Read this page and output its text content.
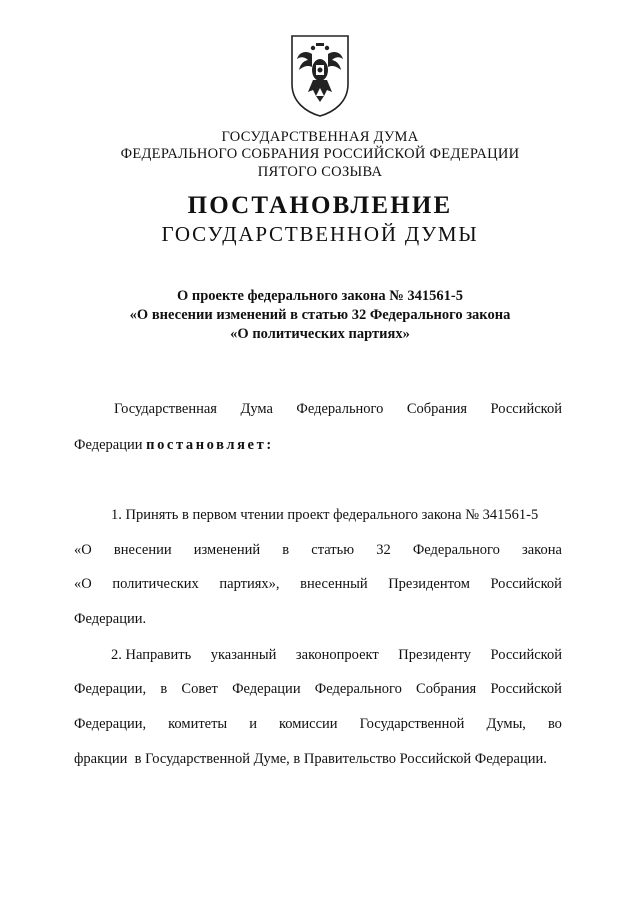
ГОСУДАРСТВЕННАЯ ДУМА
ФЕДЕРАЛЬНОГО СОБРАНИЯ РОССИЙСКОЙ ФЕДЕРАЦИИ
ПЯТОГО СОЗЫВА
ПОСТАНОВЛЕНИЕ
ГОСУДАРСТВЕННОЙ ДУМЫ
О проекте федерального закона № 341561-5
«О внесении изменений в статью 32 Федерального закона
«О политических партиях»
Государственная Дума Федерального Собрания Российской
Федерации постановляет:
1. Принять в первом чтении проект федерального закона № 341561-5
«О внесении изменений в статью 32 Федерального закона
«О политических партиях», внесенный Президентом Российской
Федерации.
2. Направить указанный законопроект Президенту Российской
Федерации, в Совет Федерации Федерального Собрания Российской
Федерации, комитеты и комиссии Государственной Думы, во
фракции  в Государственной Думе, в Правительство Российской Федерации.
